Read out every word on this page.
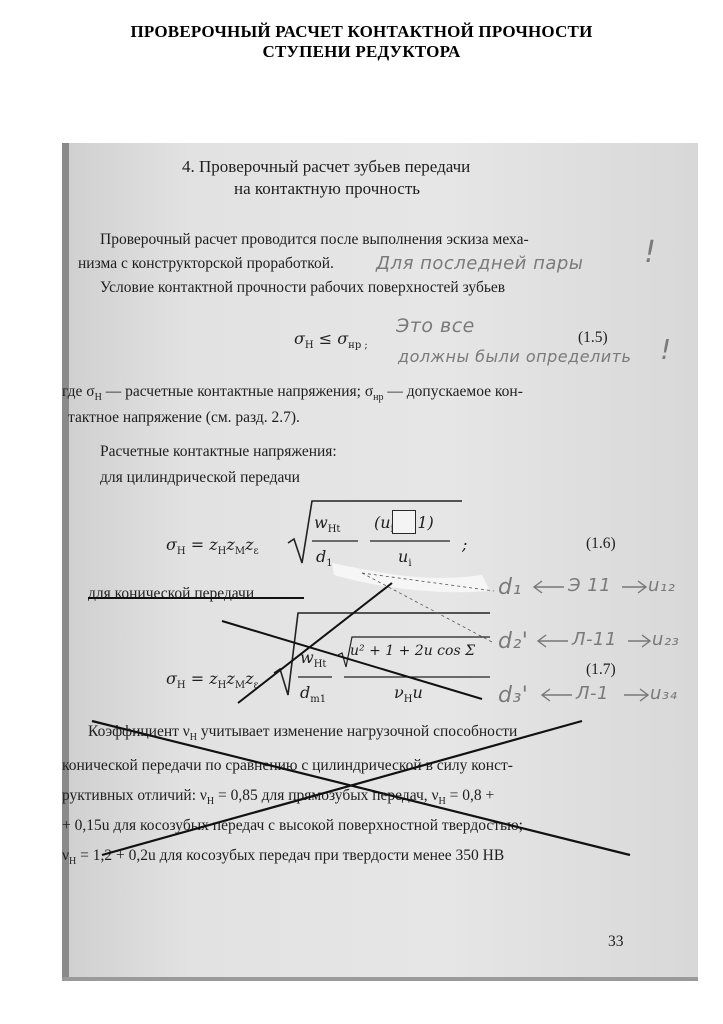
ПРОВЕРОЧНЫЙ РАСЧЕТ КОНТАКТНОЙ ПРОЧНОСТИ
СТУПЕНИ РЕДУКТОРА
4. Проверочный расчет зубьев передачи
на контактную прочность
Проверочный расчет проводится после выполнения эскиза меха-
низма с конструкторской проработкой.
Условие контактной прочности рабочих поверхностей зубьев
$\sigma_Н \le \sigma_{нр ;}$	(1.5)
где $\sigma_Н$ — расчетные контактные напряжения; $\sigma_{нр}$ — допускаемое кон-
тактное напряжение (см. разд. 2.7).
Расчетные контактные напряжения:
для цилиндрической передачи
$\sigma_Н = z_Нz_Мz_\varepsilon$
$w_{Ht}$
$d_1$
(u 1)
$u_i$
;	(1.6)
для конической передачи
$\sigma_Н = z_Нz_Мz_\varepsilon$
$w_{Ht}$
$d_{m1}$
u² + 1 + 2u cos Σ
$\nu_Нu$
(1.7)
Коэффициент $\nu_Н$ учитывает изменение нагрузочной способности
конической передачи по сравнению с цилиндрической в силу конст-
руктивных отличий: $\nu_Н = 0,85$ для прямозубых передач, $\nu_Н = 0,8$ +
+ 0,15u для косозубых передач с высокой поверхностной твердостью;
$\nu_Н = 1,2 + 0,2u$ для косозубых передач при твердости менее 350 НВ
33
Для последней пары !
Это все
должны были определить !
d₁	Э 11 u₁₂
d₂' Л-11 u₂₃
d₃'	Л-1 u₃₄
